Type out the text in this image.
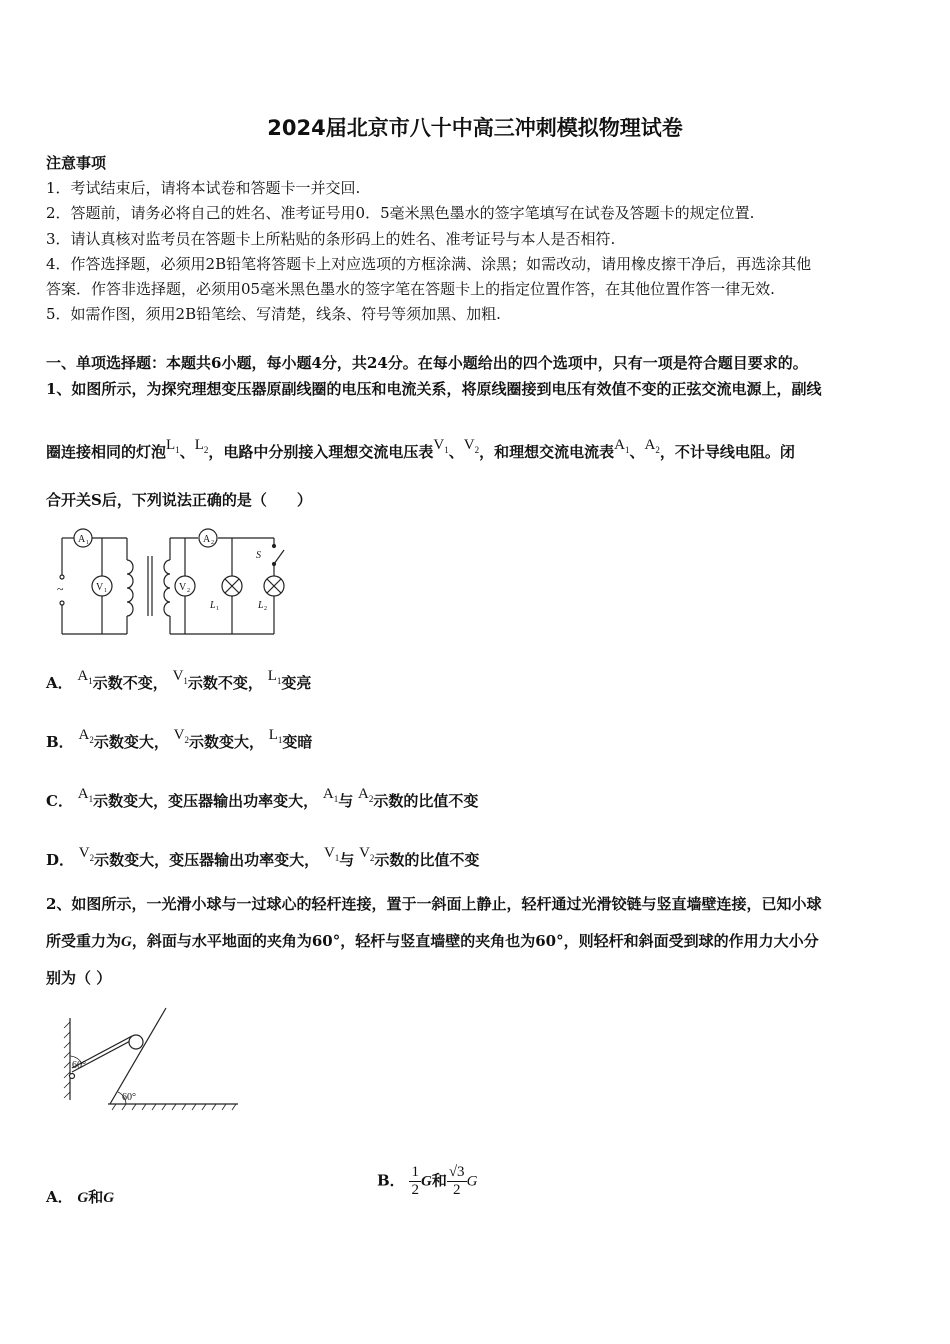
2024届北京市八十中高三冲刺模拟物理试卷
注意事项
1．考试结束后，请将本试卷和答题卡一并交回.
2．答题前，请务必将自己的姓名、准考证号用0．5毫米黑色墨水的签字笔填写在试卷及答题卡的规定位置.
3．请认真核对监考员在答题卡上所粘贴的条形码上的姓名、准考证号与本人是否相符.
4．作答选择题，必须用2B铅笔将答题卡上对应选项的方框涂满、涂黑；如需改动，请用橡皮擦干净后，再选涂其他
答案．作答非选择题，必须用05毫米黑色墨水的签字笔在答题卡上的指定位置作答，在其他位置作答一律无效.
5．如需作图，须用2B铅笔绘、写清楚，线条、符号等须加黑、加粗.
一、单项选择题：本题共6小题，每小题4分，共24分。在每小题给出的四个选项中，只有一项是符合题目要求的。
1、如图所示，为探究理想变压器原副线圈的电压和电流关系，将原线圈接到电压有效值不变的正弦交流电源上，副线
圈连接相同的灯泡$L_1$、$L_2$，电路中分别接入理想交流电压表$V_1$、$V_2$，和理想交流电流表$A_1$、$A_2$，不计导线电阻。闭
合开关S后，下列说法正确的是（　　）
A 1
V 1
A 2
V 2
~
S
L 1	L 2
A． $A_1$示数不变， $V_1$示数不变， $L_1$变亮
B． $A_2$示数变大， $V_2$示数变大， $L_1$变暗
C． $A_1$示数变大，变压器输出功率变大， $A_1$与 $A_2$示数的比值不变
D． $V_2$示数变大，变压器输出功率变大， $V_1$与 $V_2$示数的比值不变
2、如图所示，一光滑小球与一过球心的轻杆连接，置于一斜面上静止，轻杆通过光滑铰链与竖直墙壁连接，已知小球
所受重力为G，斜面与水平地面的夹角为60°，轻杆与竖直墙壁的夹角也为60°，则轻杆和斜面受到球的作用力大小分
别为（ ）
60°
60°
A． G和G
B． $\frac{1}{2}$ G和 $\frac{√3}{2}$ G
